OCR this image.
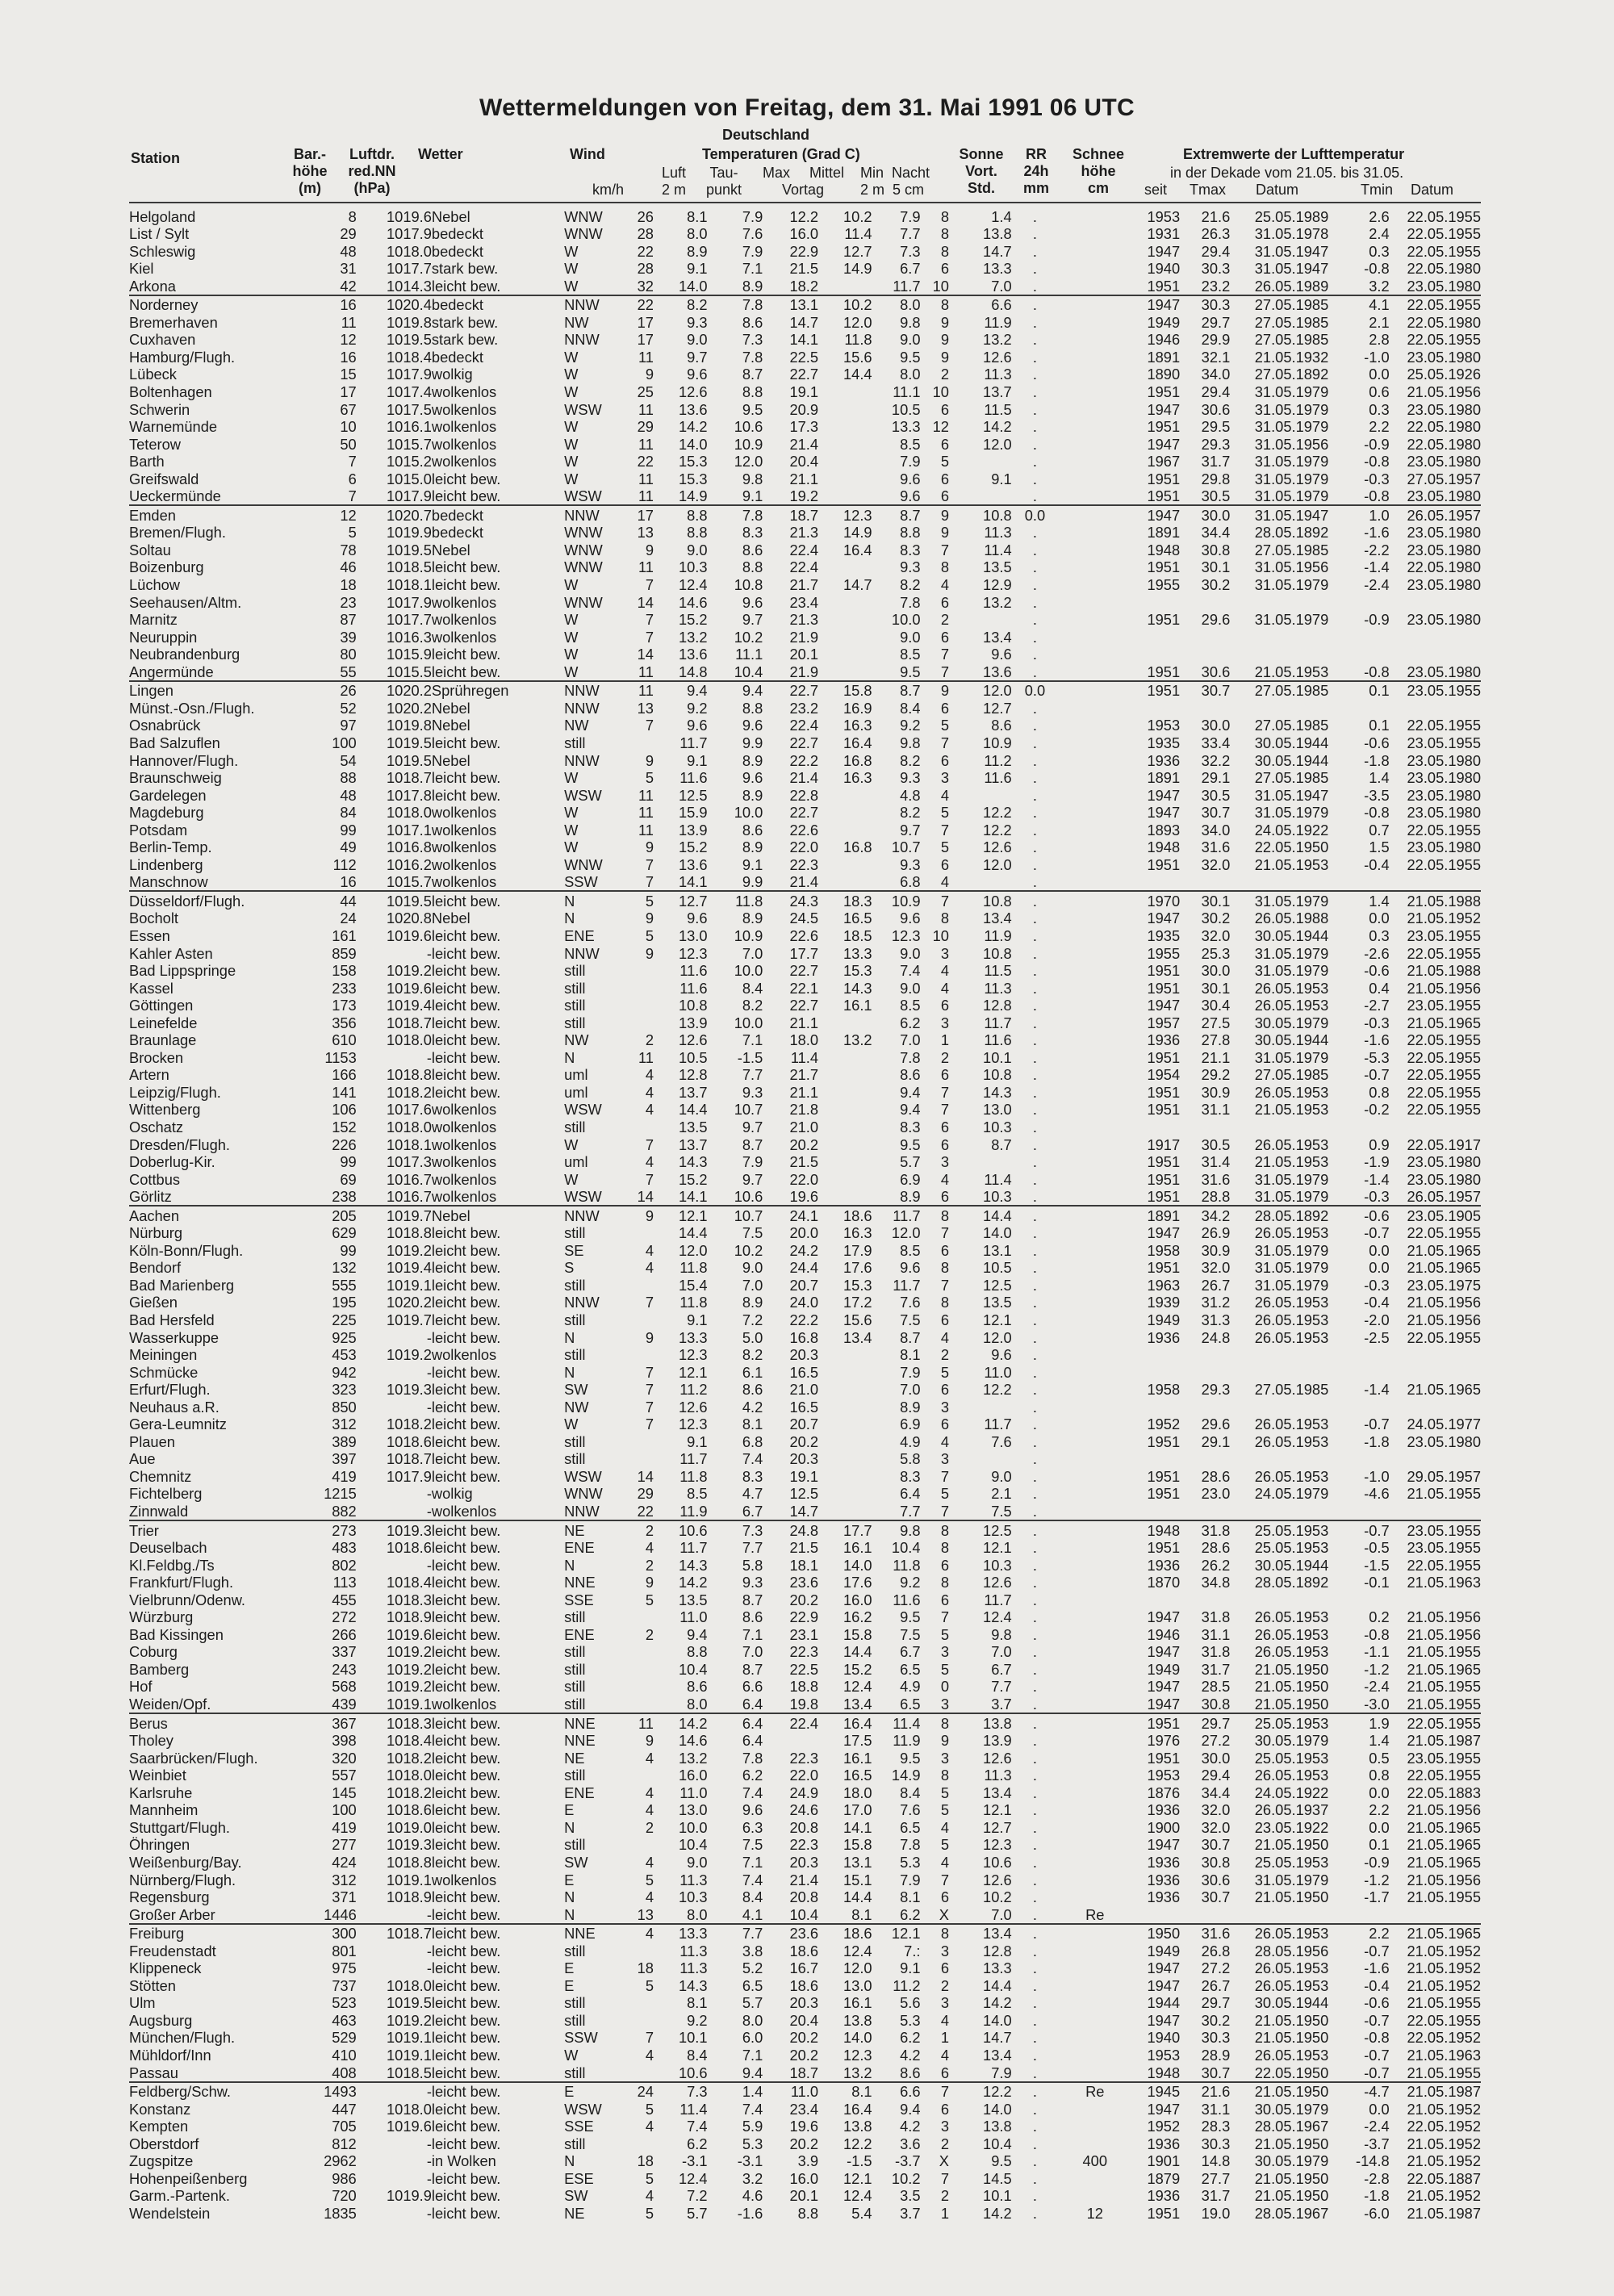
Wettermeldungen von Freitag, dem 31. Mai 1991 06 UTC
Deutschland
Station	Bar.-
höhe
(m)
Luftdr.
red.NN
(hPa)
Wetter	Wind
km/h
Temperaturen (Grad C)
Luft
2 m
Tau-
punkt
Max Mittel
Vortag
Min  Nacht
2 m  5 cm
Sonne
Vort.
Std.
RR
24h
mm
Schnee
höhe
cm
Extremwerte der Lufttemperatur
in der Dekade vom 21.05. bis 31.05.
seit Tmax Datum	Tmin Datum
Helgoland	8	1019.6	Nebel	WNW	26	8.1	7.9	12.2	10.2	7.9	8	1.4	.		1953	21.6	25.05.1989	2.6	22.05.1955
List / Sylt	29	1017.9	bedeckt	WNW	28	8.0	7.6	16.0	11.4	7.7	8	13.8	.		1931	26.3	31.05.1978	2.4	22.05.1955
Schleswig	48	1018.0	bedeckt	W	22	8.9	7.9	22.9	12.7	7.3	8	14.7	.		1947	29.4	31.05.1947	0.3	22.05.1955
Kiel	31	1017.7	stark bew.	W	28	9.1	7.1	21.5	14.9	6.7	6	13.3	.		1940	30.3	31.05.1947	-0.8	22.05.1980
Arkona	42	1014.3	leicht bew.	W	32	14.0	8.9	18.2		11.7	10	7.0	.		1951	23.2	26.05.1989	3.2	23.05.1980
Norderney	16	1020.4	bedeckt	NNW	22	8.2	7.8	13.1	10.2	8.0	8	6.6	.		1947	30.3	27.05.1985	4.1	22.05.1955
Bremerhaven	11	1019.8	stark bew.	NW	17	9.3	8.6	14.7	12.0	9.8	9	11.9	.		1949	29.7	27.05.1985	2.1	22.05.1980
Cuxhaven	12	1019.5	stark bew.	NNW	17	9.0	7.3	14.1	11.8	9.0	9	13.2	.		1946	29.9	27.05.1985	2.8	22.05.1955
Hamburg/Flugh.	16	1018.4	bedeckt	W	11	9.7	7.8	22.5	15.6	9.5	9	12.6	.		1891	32.1	21.05.1932	-1.0	23.05.1980
Lübeck	15	1017.9	wolkig	W	9	9.6	8.7	22.7	14.4	8.0	2	11.3	.		1890	34.0	27.05.1892	0.0	25.05.1926
Boltenhagen	17	1017.4	wolkenlos	W	25	12.6	8.8	19.1		11.1	10	13.7	.		1951	29.4	31.05.1979	0.6	21.05.1956
Schwerin	67	1017.5	wolkenlos	WSW	11	13.6	9.5	20.9		10.5	6	11.5	.		1947	30.6	31.05.1979	0.3	23.05.1980
Warnemünde	10	1016.1	wolkenlos	W	29	14.2	10.6	17.3		13.3	12	14.2	.		1951	29.5	31.05.1979	2.2	22.05.1980
Teterow	50	1015.7	wolkenlos	W	11	14.0	10.9	21.4		8.5	6	12.0	.		1947	29.3	31.05.1956	-0.9	22.05.1980
Barth	7	1015.2	wolkenlos	W	22	15.3	12.0	20.4		7.9	5		.		1967	31.7	31.05.1979	-0.8	23.05.1980
Greifswald	6	1015.0	leicht bew.	W	11	15.3	9.8	21.1		9.6	6	9.1	.		1951	29.8	31.05.1979	-0.3	27.05.1957
Ueckermünde	7	1017.9	leicht bew.	WSW	11	14.9	9.1	19.2		9.6	6		.		1951	30.5	31.05.1979	-0.8	23.05.1980
Emden	12	1020.7	bedeckt	NNW	17	8.8	7.8	18.7	12.3	8.7	9	10.8	0.0		1947	30.0	31.05.1947	1.0	26.05.1957
Bremen/Flugh.	5	1019.9	bedeckt	WNW	13	8.8	8.3	21.3	14.9	8.8	9	11.3	.		1891	34.4	28.05.1892	-1.6	23.05.1980
Soltau	78	1019.5	Nebel	WNW	9	9.0	8.6	22.4	16.4	8.3	7	11.4	.		1948	30.8	27.05.1985	-2.2	23.05.1980
Boizenburg	46	1018.5	leicht bew.	WNW	11	10.3	8.8	22.4		9.3	8	13.5	.		1951	30.1	31.05.1956	-1.4	22.05.1980
Lüchow	18	1018.1	leicht bew.	W	7	12.4	10.8	21.7	14.7	8.2	4	12.9	.		1955	30.2	31.05.1979	-2.4	23.05.1980
Seehausen/Altm.	23	1017.9	wolkenlos	WNW	14	14.6	9.6	23.4		7.8	6	13.2	.						
Marnitz	87	1017.7	wolkenlos	W	7	15.2	9.7	21.3		10.0	2		.		1951	29.6	31.05.1979	-0.9	23.05.1980
Neuruppin	39	1016.3	wolkenlos	W	7	13.2	10.2	21.9		9.0	6	13.4	.						
Neubrandenburg	80	1015.9	leicht bew.	W	14	13.6	11.1	20.1		8.5	7	9.6	.						
Angermünde	55	1015.5	leicht bew.	W	11	14.8	10.4	21.9		9.5	7	13.6	.		1951	30.6	21.05.1953	-0.8	23.05.1980
Lingen	26	1020.2	Sprühregen	NNW	11	9.4	9.4	22.7	15.8	8.7	9	12.0	0.0		1951	30.7	27.05.1985	0.1	23.05.1955
Münst.-Osn./Flugh.	52	1020.2	Nebel	NNW	13	9.2	8.8	23.2	16.9	8.4	6	12.7	.						
Osnabrück	97	1019.8	Nebel	NW	7	9.6	9.6	22.4	16.3	9.2	5	8.6	.		1953	30.0	27.05.1985	0.1	22.05.1955
Bad Salzuflen	100	1019.5	leicht bew.	still		11.7	9.9	22.7	16.4	9.8	7	10.9	.		1935	33.4	30.05.1944	-0.6	23.05.1955
Hannover/Flugh.	54	1019.5	Nebel	NNW	9	9.1	8.9	22.2	16.8	8.2	6	11.2	.		1936	32.2	30.05.1944	-1.8	23.05.1980
Braunschweig	88	1018.7	leicht bew.	W	5	11.6	9.6	21.4	16.3	9.3	3	11.6	.		1891	29.1	27.05.1985	1.4	23.05.1980
Gardelegen	48	1017.8	leicht bew.	WSW	11	12.5	8.9	22.8		4.8	4		.		1947	30.5	31.05.1947	-3.5	23.05.1980
Magdeburg	84	1018.0	wolkenlos	W	11	15.9	10.0	22.7		8.2	5	12.2	.		1947	30.7	31.05.1979	-0.8	23.05.1980
Potsdam	99	1017.1	wolkenlos	W	11	13.9	8.6	22.6		9.7	7	12.2	.		1893	34.0	24.05.1922	0.7	22.05.1955
Berlin-Temp.	49	1016.8	wolkenlos	W	9	15.2	8.9	22.0	16.8	10.7	5	12.6	.		1948	31.6	22.05.1950	1.5	23.05.1980
Lindenberg	112	1016.2	wolkenlos	WNW	7	13.6	9.1	22.3		9.3	6	12.0	.		1951	32.0	21.05.1953	-0.4	22.05.1955
Manschnow	16	1015.7	wolkenlos	SSW	7	14.1	9.9	21.4		6.8	4		.						
Düsseldorf/Flugh.	44	1019.5	leicht bew.	N	5	12.7	11.8	24.3	18.3	10.9	7	10.8	.		1970	30.1	31.05.1979	1.4	21.05.1988
Bocholt	24	1020.8	Nebel	N	9	9.6	8.9	24.5	16.5	9.6	8	13.4	.		1947	30.2	26.05.1988	0.0	21.05.1952
Essen	161	1019.6	leicht bew.	ENE	5	13.0	10.9	22.6	18.5	12.3	10	11.9	.		1935	32.0	30.05.1944	0.3	23.05.1955
Kahler Asten	859	-	leicht bew.	NNW	9	12.3	7.0	17.7	13.3	9.0	3	10.8	.		1955	25.3	31.05.1979	-2.6	22.05.1955
Bad Lippspringe	158	1019.2	leicht bew.	still		11.6	10.0	22.7	15.3	7.4	4	11.5	.		1951	30.0	31.05.1979	-0.6	21.05.1988
Kassel	233	1019.6	leicht bew.	still		11.6	8.4	22.1	14.3	9.0	4	11.3	.		1951	30.1	26.05.1953	0.4	21.05.1956
Göttingen	173	1019.4	leicht bew.	still		10.8	8.2	22.7	16.1	8.5	6	12.8	.		1947	30.4	26.05.1953	-2.7	23.05.1955
Leinefelde	356	1018.7	leicht bew.	still		13.9	10.0	21.1		6.2	3	11.7	.		1957	27.5	30.05.1979	-0.3	21.05.1965
Braunlage	610	1018.0	leicht bew.	NW	2	12.6	7.1	18.0	13.2	7.0	1	11.6	.		1936	27.8	30.05.1944	-1.6	22.05.1955
Brocken	1153	-	leicht bew.	N	11	10.5	-1.5	11.4		7.8	2	10.1	.		1951	21.1	31.05.1979	-5.3	22.05.1955
Artern	166	1018.8	leicht bew.	uml	4	12.8	7.7	21.7		8.6	6	10.8	.		1954	29.2	27.05.1985	-0.7	22.05.1955
Leipzig/Flugh.	141	1018.2	leicht bew.	uml	4	13.7	9.3	21.1		9.4	7	14.3	.		1951	30.9	26.05.1953	0.8	22.05.1955
Wittenberg	106	1017.6	wolkenlos	WSW	4	14.4	10.7	21.8		9.4	7	13.0	.		1951	31.1	21.05.1953	-0.2	22.05.1955
Oschatz	152	1018.0	wolkenlos	still		13.5	9.7	21.0		8.3	6	10.3	.						
Dresden/Flugh.	226	1018.1	wolkenlos	W	7	13.7	8.7	20.2		9.5	6	8.7	.		1917	30.5	26.05.1953	0.9	22.05.1917
Doberlug-Kir.	99	1017.3	wolkenlos	uml	4	14.3	7.9	21.5		5.7	3		.		1951	31.4	21.05.1953	-1.9	23.05.1980
Cottbus	69	1016.7	wolkenlos	W	7	15.2	9.7	22.0		6.9	4	11.4	.		1951	31.6	31.05.1979	-1.4	23.05.1980
Görlitz	238	1016.7	wolkenlos	WSW	14	14.1	10.6	19.6		8.9	6	10.3	.		1951	28.8	31.05.1979	-0.3	26.05.1957
Aachen	205	1019.7	Nebel	NNW	9	12.1	10.7	24.1	18.6	11.7	8	14.4	.		1891	34.2	28.05.1892	-0.6	23.05.1905
Nürburg	629	1018.8	leicht bew.	still		14.4	7.5	20.0	16.3	12.0	7	14.0	.		1947	26.9	26.05.1953	-0.7	22.05.1955
Köln-Bonn/Flugh.	99	1019.2	leicht bew.	SE	4	12.0	10.2	24.2	17.9	8.5	6	13.1	.		1958	30.9	31.05.1979	0.0	21.05.1965
Bendorf	132	1019.4	leicht bew.	S	4	11.8	9.0	24.4	17.6	9.6	8	10.5	.		1951	32.0	31.05.1979	0.0	21.05.1965
Bad Marienberg	555	1019.1	leicht bew.	still		15.4	7.0	20.7	15.3	11.7	7	12.5	.		1963	26.7	31.05.1979	-0.3	23.05.1975
Gießen	195	1020.2	leicht bew.	NNW	7	11.8	8.9	24.0	17.2	7.6	8	13.5	.		1939	31.2	26.05.1953	-0.4	21.05.1956
Bad Hersfeld	225	1019.7	leicht bew.	still		9.1	7.2	22.2	15.6	7.5	6	12.1	.		1949	31.3	26.05.1953	-2.0	21.05.1956
Wasserkuppe	925	-	leicht bew.	N	9	13.3	5.0	16.8	13.4	8.7	4	12.0	.		1936	24.8	26.05.1953	-2.5	22.05.1955
Meiningen	453	1019.2	wolkenlos	still		12.3	8.2	20.3		8.1	2	9.6	.						
Schmücke	942	-	leicht bew.	N	7	12.1	6.1	16.5		7.9	5	11.0	.						
Erfurt/Flugh.	323	1019.3	leicht bew.	SW	7	11.2	8.6	21.0		7.0	6	12.2	.		1958	29.3	27.05.1985	-1.4	21.05.1965
Neuhaus a.R.	850	-	leicht bew.	NW	7	12.6	4.2	16.5		8.9	3		.						
Gera-Leumnitz	312	1018.2	leicht bew.	W	7	12.3	8.1	20.7		6.9	6	11.7	.		1952	29.6	26.05.1953	-0.7	24.05.1977
Plauen	389	1018.6	leicht bew.	still		9.1	6.8	20.2		4.9	4	7.6	.		1951	29.1	26.05.1953	-1.8	23.05.1980
Aue	397	1018.7	leicht bew.	still		11.7	7.4	20.3		5.8	3		.						
Chemnitz	419	1017.9	leicht bew.	WSW	14	11.8	8.3	19.1		8.3	7	9.0	.		1951	28.6	26.05.1953	-1.0	29.05.1957
Fichtelberg	1215	-	wolkig	WNW	29	8.5	4.7	12.5		6.4	5	2.1	.		1951	23.0	24.05.1979	-4.6	21.05.1955
Zinnwald	882	-	wolkenlos	NNW	22	11.9	6.7	14.7		7.7	7	7.5	.						
Trier	273	1019.3	leicht bew.	NE	2	10.6	7.3	24.8	17.7	9.8	8	12.5	.		1948	31.8	25.05.1953	-0.7	23.05.1955
Deuselbach	483	1018.6	leicht bew.	ENE	4	11.7	7.7	21.5	16.1	10.4	8	12.1	.		1951	28.6	25.05.1953	-0.5	23.05.1955
Kl.Feldbg./Ts	802	-	leicht bew.	N	2	14.3	5.8	18.1	14.0	11.8	6	10.3	.		1936	26.2	30.05.1944	-1.5	22.05.1955
Frankfurt/Flugh.	113	1018.4	leicht bew.	NNE	9	14.2	9.3	23.6	17.6	9.2	8	12.6	.		1870	34.8	28.05.1892	-0.1	21.05.1963
Vielbrunn/Odenw.	455	1018.3	leicht bew.	SSE	5	13.5	8.7	20.2	16.0	11.6	6	11.7	.						
Würzburg	272	1018.9	leicht bew.	still		11.0	8.6	22.9	16.2	9.5	7	12.4	.		1947	31.8	26.05.1953	0.2	21.05.1956
Bad Kissingen	266	1019.6	leicht bew.	ENE	2	9.4	7.1	23.1	15.8	7.5	5	9.8	.		1946	31.1	26.05.1953	-0.8	21.05.1956
Coburg	337	1019.2	leicht bew.	still		8.8	7.0	22.3	14.4	6.7	3	7.0	.		1947	31.8	26.05.1953	-1.1	21.05.1955
Bamberg	243	1019.2	leicht bew.	still		10.4	8.7	22.5	15.2	6.5	5	6.7	.		1949	31.7	21.05.1950	-1.2	21.05.1965
Hof	568	1019.2	leicht bew.	still		8.6	6.6	18.8	12.4	4.9	0	7.7	.		1947	28.5	21.05.1950	-2.4	21.05.1955
Weiden/Opf.	439	1019.1	wolkenlos	still		8.0	6.4	19.8	13.4	6.5	3	3.7	.		1947	30.8	21.05.1950	-3.0	21.05.1955
Berus	367	1018.3	leicht bew.	NNE	11	14.2	6.4	22.4	16.4	11.4	8	13.8	.		1951	29.7	25.05.1953	1.9	22.05.1955
Tholey	398	1018.4	leicht bew.	NNE	9	14.6	6.4		17.5	11.9	9	13.9	.		1976	27.2	30.05.1979	1.4	21.05.1987
Saarbrücken/Flugh.	320	1018.2	leicht bew.	NE	4	13.2	7.8	22.3	16.1	9.5	3	12.6	.		1951	30.0	25.05.1953	0.5	23.05.1955
Weinbiet	557	1018.0	leicht bew.	still		16.0	6.2	22.0	16.5	14.9	8	11.3	.		1953	29.4	26.05.1953	0.8	22.05.1955
Karlsruhe	145	1018.2	leicht bew.	ENE	4	11.0	7.4	24.9	18.0	8.4	5	13.4	.		1876	34.4	24.05.1922	0.0	22.05.1883
Mannheim	100	1018.6	leicht bew.	E	4	13.0	9.6	24.6	17.0	7.6	5	12.1	.		1936	32.0	26.05.1937	2.2	21.05.1956
Stuttgart/Flugh.	419	1019.0	leicht bew.	N	2	10.0	6.3	20.8	14.1	6.5	4	12.7	.		1900	32.0	23.05.1922	0.0	21.05.1965
Öhringen	277	1019.3	leicht bew.	still		10.4	7.5	22.3	15.8	7.8	5	12.3	.		1947	30.7	21.05.1950	0.1	21.05.1965
Weißenburg/Bay.	424	1018.8	leicht bew.	SW	4	9.0	7.1	20.3	13.1	5.3	4	10.6	.		1936	30.8	25.05.1953	-0.9	21.05.1965
Nürnberg/Flugh.	312	1019.1	wolkenlos	E	5	11.3	7.4	21.4	15.1	7.9	7	12.6	.		1936	30.6	31.05.1979	-1.2	21.05.1956
Regensburg	371	1018.9	leicht bew.	N	4	10.3	8.4	20.8	14.4	8.1	6	10.2	.		1936	30.7	21.05.1950	-1.7	21.05.1955
Großer Arber	1446	-	leicht bew.	N	13	8.0	4.1	10.4	8.1	6.2	X	7.0	.	Re					
Freiburg	300	1018.7	leicht bew.	NNE	4	13.3	7.7	23.6	18.6	12.1	8	13.4	.		1950	31.6	26.05.1953	2.2	21.05.1965
Freudenstadt	801	-	leicht bew.	still		11.3	3.8	18.6	12.4	7.:	3	12.8	.		1949	26.8	28.05.1956	-0.7	21.05.1952
Klippeneck	975	-	leicht bew.	E	18	11.3	5.2	16.7	12.0	9.1	6	13.3	.		1947	27.2	26.05.1953	-1.6	21.05.1952
Stötten	737	1018.0	leicht bew.	E	5	14.3	6.5	18.6	13.0	11.2	2	14.4	.		1947	26.7	26.05.1953	-0.4	21.05.1952
Ulm	523	1019.5	leicht bew.	still		8.1	5.7	20.3	16.1	5.6	3	14.2	.		1944	29.7	30.05.1944	-0.6	21.05.1955
Augsburg	463	1019.2	leicht bew.	still		9.2	8.0	20.4	13.8	5.3	4	14.0	.		1947	30.2	21.05.1950	-0.7	22.05.1955
München/Flugh.	529	1019.1	leicht bew.	SSW	7	10.1	6.0	20.2	14.0	6.2	1	14.7	.		1940	30.3	21.05.1950	-0.8	22.05.1952
Mühldorf/Inn	410	1019.1	leicht bew.	W	4	8.4	7.1	20.2	12.3	4.2	4	13.4	.		1953	28.9	26.05.1953	-0.7	21.05.1963
Passau	408	1018.5	leicht bew.	still		10.6	9.4	18.7	13.2	8.6	6	7.9	.		1948	30.7	22.05.1950	-0.7	21.05.1955
Feldberg/Schw.	1493	-	leicht bew.	E	24	7.3	1.4	11.0	8.1	6.6	7	12.2	.	Re	1945	21.6	21.05.1950	-4.7	21.05.1987
Konstanz	447	1018.0	leicht bew.	WSW	5	11.4	7.4	23.4	16.4	9.4	6	14.0	.		1947	31.1	30.05.1979	0.0	21.05.1952
Kempten	705	1019.6	leicht bew.	SSE	4	7.4	5.9	19.6	13.8	4.2	3	13.8	.		1952	28.3	28.05.1967	-2.4	22.05.1952
Oberstdorf	812	-	leicht bew.	still		6.2	5.3	20.2	12.2	3.6	2	10.4	.		1936	30.3	21.05.1950	-3.7	21.05.1952
Zugspitze	2962	-	in Wolken	N	18	-3.1	-3.1	3.9	-1.5	-3.7	X	9.5	.	400	1901	14.8	30.05.1979	-14.8	21.05.1952
Hohenpeißenberg	986	-	leicht bew.	ESE	5	12.4	3.2	16.0	12.1	10.2	7	14.5	.		1879	27.7	21.05.1950	-2.8	22.05.1887
Garm.-Partenk.	720	1019.9	leicht bew.	SW	4	7.2	4.6	20.1	12.4	3.5	2	10.1	.		1936	31.7	21.05.1950	-1.8	21.05.1952
Wendelstein	1835	-	leicht bew.	NE	5	5.7	-1.6	8.8	5.4	3.7	1	14.2	.	12	1951	19.0	28.05.1967	-6.0	21.05.1987
